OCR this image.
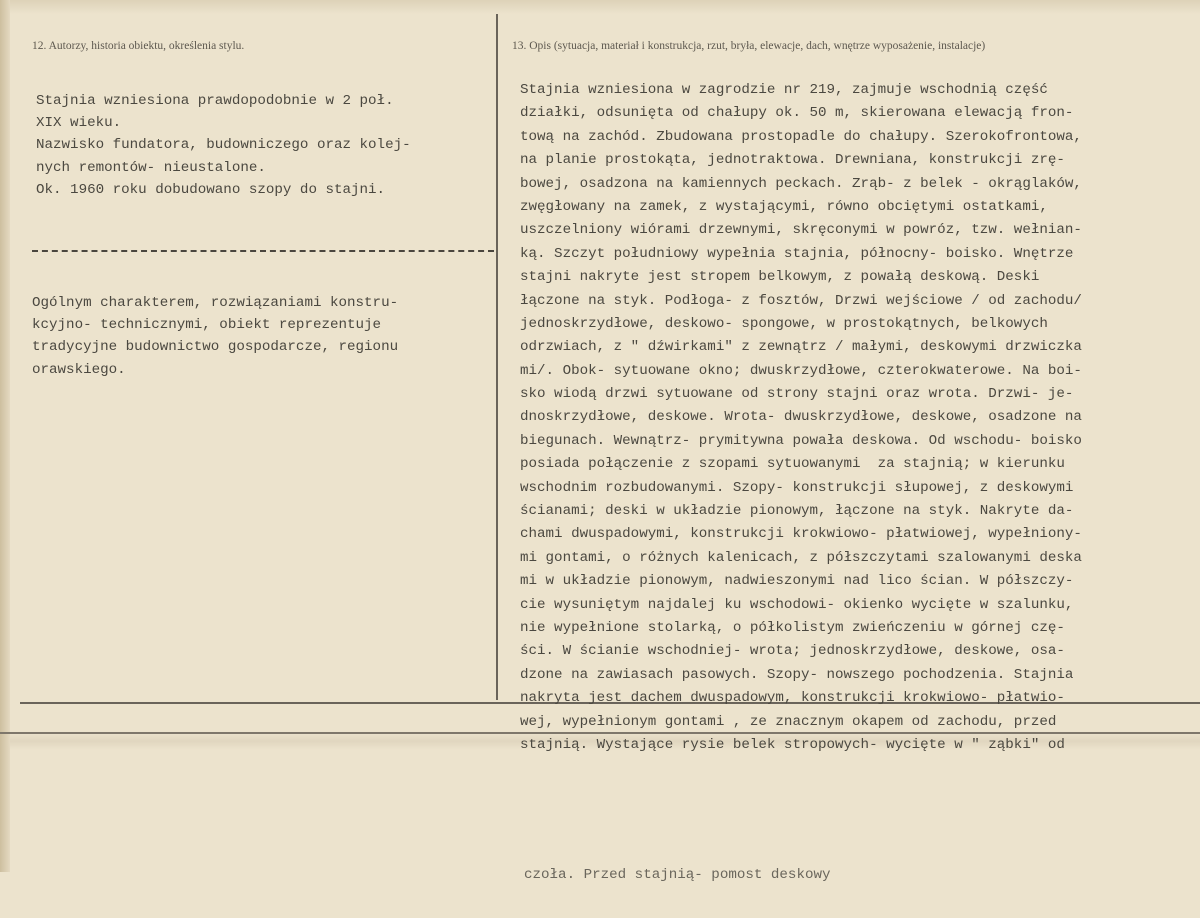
12. Autorzy, historia obiektu, określenia stylu.	13. Opis (sytuacja, materiał i konstrukcja, rzut, bryła, elewacje, dach, wnętrze wyposażenie, instalacje)
Stajnia wzniesiona prawdopodobnie w 2 poł.
XIX wieku.
Nazwisko fundatora, budowniczego oraz kolej-
nych remontów- nieustalone.
Ok. 1960 roku dobudowano szopy do stajni.
Ogólnym charakterem, rozwiązaniami konstru-
kcyjno- technicznymi, obiekt reprezentuje
tradycyjne budownictwo gospodarcze, regionu
orawskiego.
Stajnia wzniesiona w zagrodzie nr 219, zajmuje wschodnią część
działki, odsunięta od chałupy ok. 50 m, skierowana elewacją fron-
tową na zachód. Zbudowana prostopadle do chałupy. Szerokofrontowa,
na planie prostokąta, jednotraktowa. Drewniana, konstrukcji zrę-
bowej, osadzona na kamiennych peckach. Zrąb- z belek - okrąglaków,
zwęgłowany na zamek, z wystającymi, równo obciętymi ostatkami,
uszczelniony wiórami drzewnymi, skręconymi w powróz, tzw. wełnian-
ką. Szczyt południowy wypełnia stajnia, północny- boisko. Wnętrze
stajni nakryte jest stropem belkowym, z powałą deskową. Deski
łączone na styk. Podłoga- z fosztów, Drzwi wejściowe / od zachodu/
jednoskrzydłowe, deskowo- spongowe, w prostokątnych, belkowych
odrzwiach, z " dźwirkami" z zewnątrz / małymi, deskowymi drzwiczka
mi/. Obok- sytuowane okno; dwuskrzydłowe, czterokwaterowe. Na boi-
sko wiodą drzwi sytuowane od strony stajni oraz wrota. Drzwi- je-
dnoskrzydłowe, deskowe. Wrota- dwuskrzydłowe, deskowe, osadzone na
biegunach. Wewnątrz- prymitywna powała deskowa. Od wschodu- boisko
posiada połączenie z szopami sytuowanymi  za stajnią; w kierunku
wschodnim rozbudowanymi. Szopy- konstrukcji słupowej, z deskowymi
ścianami; deski w układzie pionowym, łączone na styk. Nakryte da-
chami dwuspadowymi, konstrukcji krokwiowo- płatwiowej, wypełniony-
mi gontami, o różnych kalenicach, z półszczytami szalowanymi deska
mi w układzie pionowym, nadwieszonymi nad lico ścian. W półszczy-
cie wysuniętym najdalej ku wschodowi- okienko wycięte w szalunku,
nie wypełnione stolarką, o półkolistym zwieńczeniu w górnej czę-
ści. W ścianie wschodniej- wrota; jednoskrzydłowe, deskowe, osa-
dzone na zawiasach pasowych. Szopy- nowszego pochodzenia. Stajnia
nakryta jest dachem dwuspadowym, konstrukcji krokwiowo- płatwio-
wej, wypełnionym gontami , ze znacznym okapem od zachodu, przed
stajnią. Wystające rysie belek stropowych- wycięte w " ząbki" od

czoła. Przed stajnią- pomost deskowy
